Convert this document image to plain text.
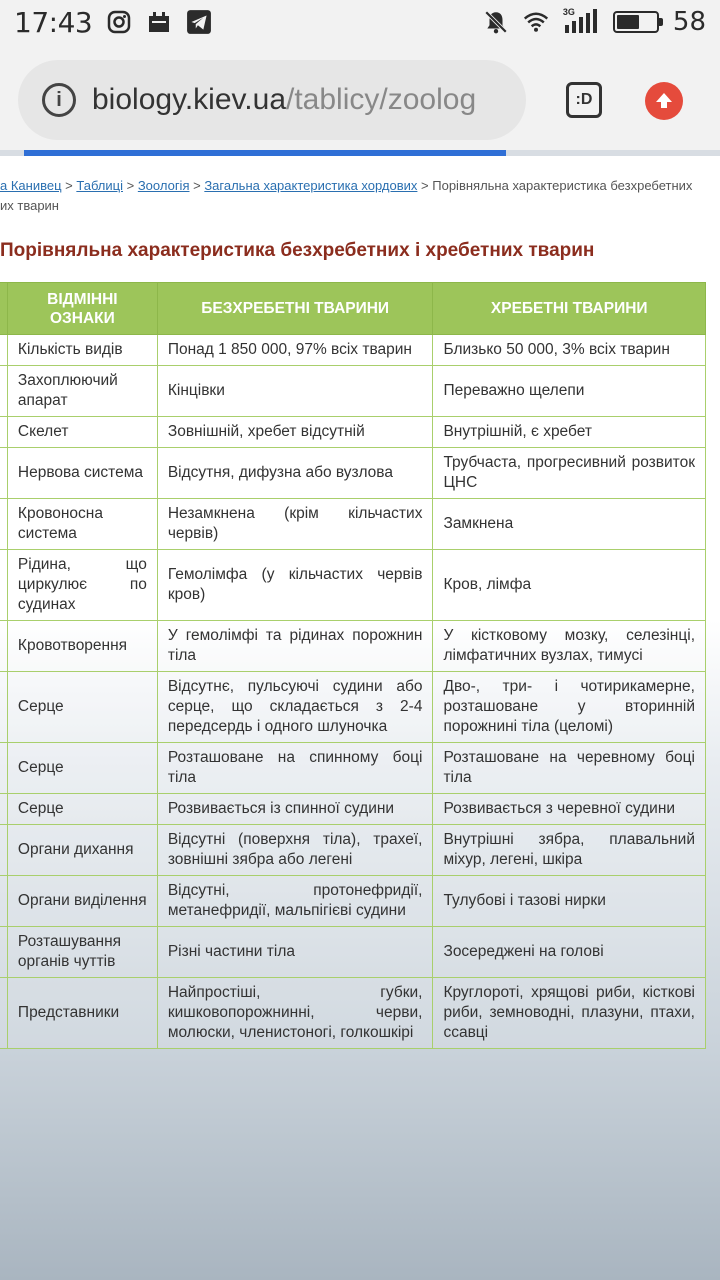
17:43	3G	58
i	biology.kiev.ua/tablicy/zoolog	:D
а Канивец > Таблиці > Зоологія > Загальна характеристика хордових > Порівняльна характеристика безхребетних
их тварин
Порівняльна характеристика безхребетних і хребетних тварин
	ВІДМІННІ ОЗНАКИ	БЕЗХРЕБЕТНІ ТВАРИНИ	ХРЕБЕТНІ ТВАРИНИ
	Кількість видів	Понад 1 850 000, 97% всіх тварин	Близько 50 000, 3% всіх тварин
	Захоплюючий апарат	Кінцівки	Переважно щелепи
	Скелет	Зовнішній, хребет відсутній	Внутрішній, є хребет
	Нервова система	Відсутня, дифузна або вузлова	Трубчаста, прогресивний розвиток ЦНС
	Кровоносна система	Незамкнена (крім кільчастих червів)	Замкнена
	Рідина, що циркулює по судинах	Гемолімфа (у кільчастих червів кров)	Кров, лімфа
	Кровотворення	У гемолімфі та рідинах порожнин тіла	У кістковому мозку, селезінці, лімфатичних вузлах, тимусі
	Серце	Відсутнє, пульсуючі судини або серце, що складається з 2-4 передсердь і одного шлуночка	Дво-, три- і чотирикамерне, розташоване у вторинній порожнині тіла (целомі)
	Серце	Розташоване на спинному боці тіла	Розташоване на черевному боці тіла
	Серце	Розвивається із спинної судини	Розвивається з черевної судини
	Органи дихання	Відсутні (поверхня тіла), трахеї, зовнішні зябра або легені	Внутрішні зябра, плавальний міхур, легені, шкіра
	Органи виділення	Відсутні, протонефридії, метанефридії, мальпігієві судини	Тулубові і тазові нирки
	Розташування органів чуттів	Різні частини тіла	Зосереджені на голові
	Представники	Найпростіші, губки, кишковопорожнинні, черви, молюски, членистоногі, голкошкірі	Круглороті, хрящові риби, кісткові риби, земноводні, плазуни, птахи, ссавці
